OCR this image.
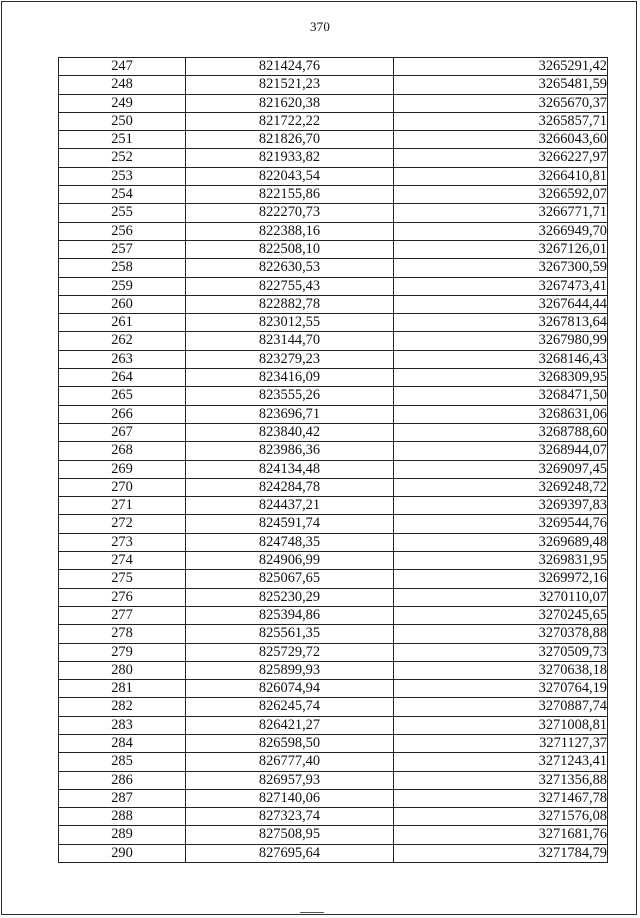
370
247	821424,76	3265291,42
248	821521,23	3265481,59
249	821620,38	3265670,37
250	821722,22	3265857,71
251	821826,70	3266043,60
252	821933,82	3266227,97
253	822043,54	3266410,81
254	822155,86	3266592,07
255	822270,73	3266771,71
256	822388,16	3266949,70
257	822508,10	3267126,01
258	822630,53	3267300,59
259	822755,43	3267473,41
260	822882,78	3267644,44
261	823012,55	3267813,64
262	823144,70	3267980,99
263	823279,23	3268146,43
264	823416,09	3268309,95
265	823555,26	3268471,50
266	823696,71	3268631,06
267	823840,42	3268788,60
268	823986,36	3268944,07
269	824134,48	3269097,45
270	824284,78	3269248,72
271	824437,21	3269397,83
272	824591,74	3269544,76
273	824748,35	3269689,48
274	824906,99	3269831,95
275	825067,65	3269972,16
276	825230,29	3270110,07
277	825394,86	3270245,65
278	825561,35	3270378,88
279	825729,72	3270509,73
280	825899,93	3270638,18
281	826074,94	3270764,19
282	826245,74	3270887,74
283	826421,27	3271008,81
284	826598,50	3271127,37
285	826777,40	3271243,41
286	826957,93	3271356,88
287	827140,06	3271467,78
288	827323,74	3271576,08
289	827508,95	3271681,76
290	827695,64	3271784,79
